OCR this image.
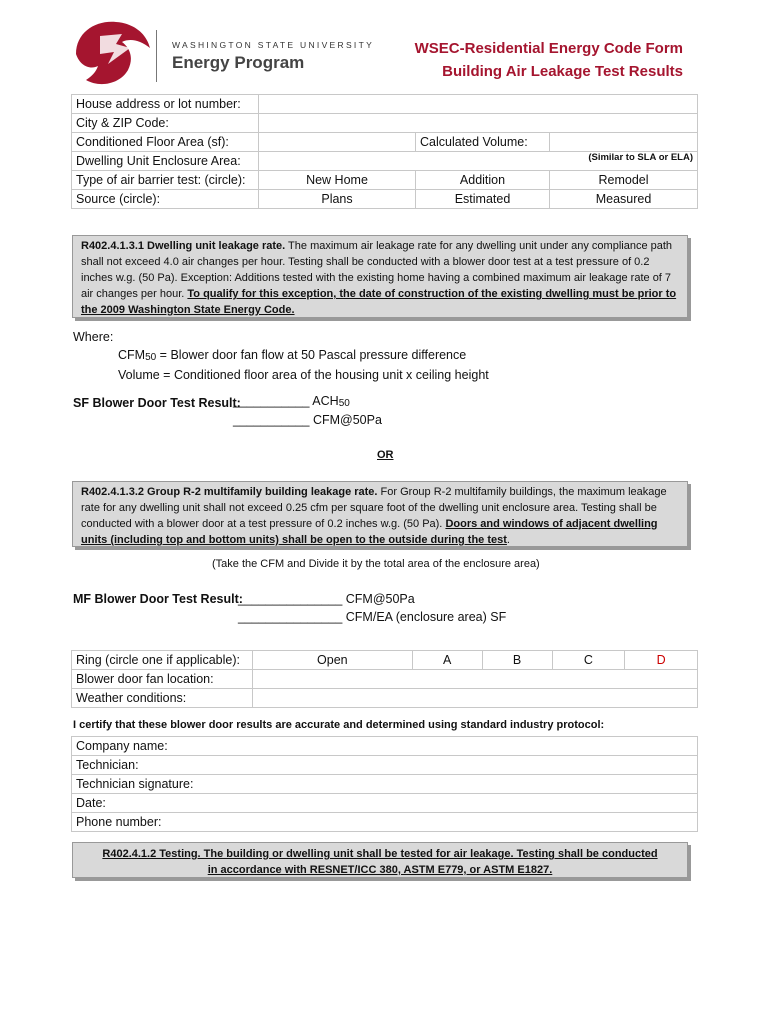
WASHINGTON STATE UNIVERSITY
Energy Program
WSEC-Residential Energy Code Form
Building Air Leakage Test Results
House address or lot number:			
City & ZIP Code:			
Conditioned Floor Area (sf):		Calculated Volume:	
Dwelling Unit Enclosure Area:	(Similar to SLA or ELA)		
Type of air barrier test: (circle):	New Home	Addition	Remodel
Source (circle):	Plans	Estimated	Measured
R402.4.1.3.1 Dwelling unit leakage rate. The maximum air leakage rate for any dwelling unit under any compliance path shall not exceed 4.0 air changes per hour. Testing shall be conducted with a blower door test at a test pressure of 0.2 inches w.g. (50 Pa). Exception: Additions tested with the existing home having a combined maximum air leakage rate of 7 air changes per hour. To qualify for this exception, the date of construction of the existing dwelling must be prior to the 2009 Washington State Energy Code.
Where:
$CFM_{50}$ = Blower door fan flow at 50 Pascal pressure difference
Volume = Conditioned floor area of the housing unit x ceiling height
SF Blower Door Test Result:
___________ $ACH_{50}$
___________ CFM@50Pa
OR
R402.4.1.3.2 Group R-2 multifamily building leakage rate. For Group R-2 multifamily buildings, the maximum leakage rate for any dwelling unit shall not exceed 0.25 cfm per square foot of the dwelling unit enclosure area. Testing shall be conducted with a blower door at a test pressure of 0.2 inches w.g. (50 Pa). Doors and windows of adjacent dwelling units (including top and bottom units) shall be open to the outside during the test.
(Take the CFM and Divide it by the total area of the enclosure area)
MF Blower Door Test Result:
_______________ CFM@50Pa
_______________ CFM/EA (enclosure area) SF
Ring (circle one if applicable):	Open	A	B	C	D
Blower door fan location:					
Weather conditions:					
I certify that these blower door results are accurate and determined using standard industry protocol:
Company name:
Technician:
Technician signature:
Date:
Phone number:
R402.4.1.2 Testing. The building or dwelling unit shall be tested for air leakage. Testing shall be conducted in accordance with RESNET/ICC 380, ASTM E779, or ASTM E1827.
